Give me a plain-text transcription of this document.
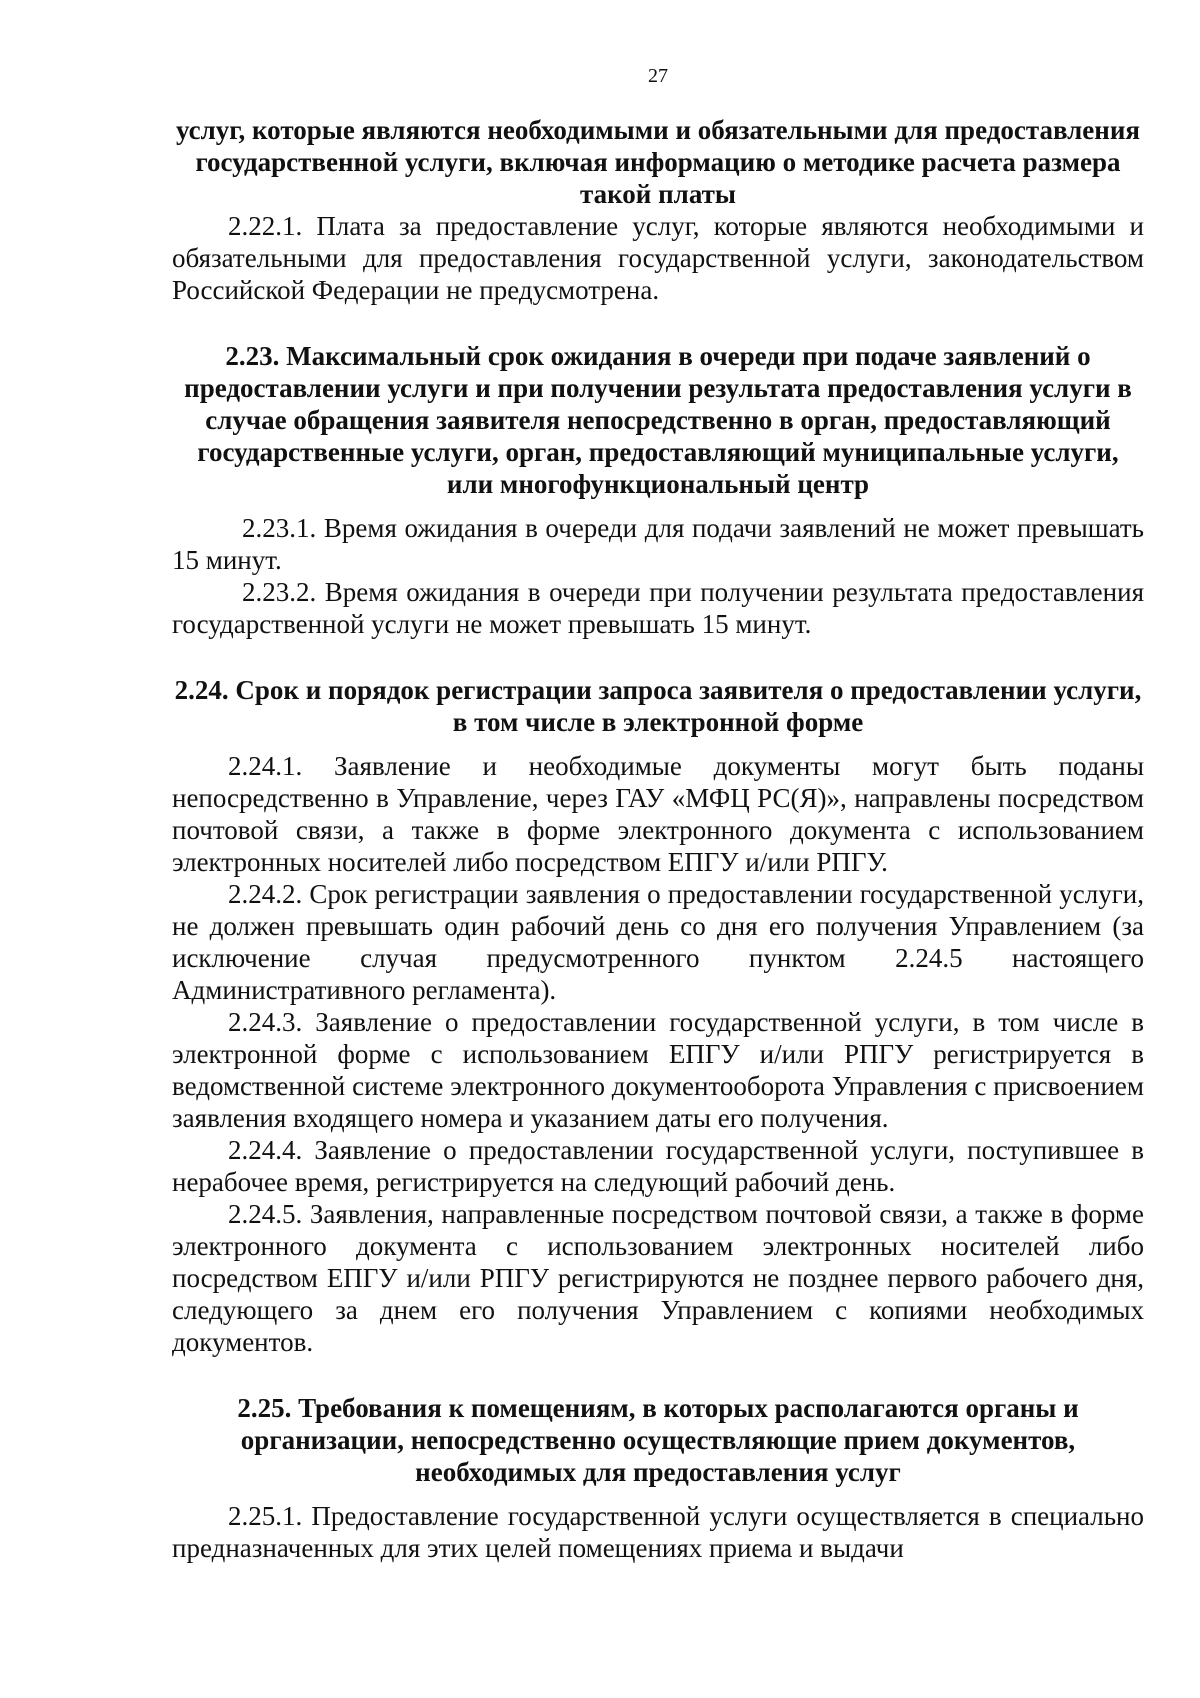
27

услуг, которые являются необходимыми и обязательными для предоставления государственной услуги, включая информацию о методике расчета размера такой платы

2.22.1. Плата за предоставление услуг, которые являются необходимыми и обязательными для предоставления государственной услуги, законодательством Российской Федерации не предусмотрена.

2.23. Максимальный срок ожидания в очереди при подаче заявлений о предоставлении услуги и при получении результата предоставления услуги в случае обращения заявителя непосредственно в орган, предоставляющий государственные услуги, орган, предоставляющий муниципальные услуги, или многофункциональный центр

2.23.1. Время ожидания в очереди для подачи заявлений не может превышать 15 минут.

2.23.2. Время ожидания в очереди при получении результата предоставления государственной услуги не может превышать 15 минут.

2.24. Срок и порядок регистрации запроса заявителя о предоставлении услуги, в том числе в электронной форме

2.24.1. Заявление и необходимые документы могут быть поданы непосредственно в Управление, через ГАУ «МФЦ РС(Я)», направлены посредством почтовой связи, а также в форме электронного документа с использованием электронных носителей либо посредством ЕПГУ и/или РПГУ.

2.24.2. Срок регистрации заявления о предоставлении государственной услуги, не должен превышать один рабочий день со дня его получения Управлением (за исключение случая предусмотренного пунктом 2.24.5 настоящего Административного регламента).

2.24.3. Заявление о предоставлении государственной услуги, в том числе в электронной форме с использованием ЕПГУ и/или РПГУ регистрируется в ведомственной системе электронного документооборота Управления с присвоением заявления входящего номера и указанием даты его получения.

2.24.4. Заявление о предоставлении государственной услуги, поступившее в нерабочее время, регистрируется на следующий рабочий день.

2.24.5. Заявления, направленные посредством почтовой связи, а также в форме электронного документа с использованием электронных носителей либо посредством ЕПГУ и/или РПГУ регистрируются не позднее первого рабочего дня, следующего за днем его получения Управлением с копиями необходимых документов.

2.25. Требования к помещениям, в которых располагаются органы и организации, непосредственно осуществляющие прием документов, необходимых для предоставления услуг

2.25.1. Предоставление государственной услуги осуществляется в специально предназначенных для этих целей помещениях приема и выдачи
